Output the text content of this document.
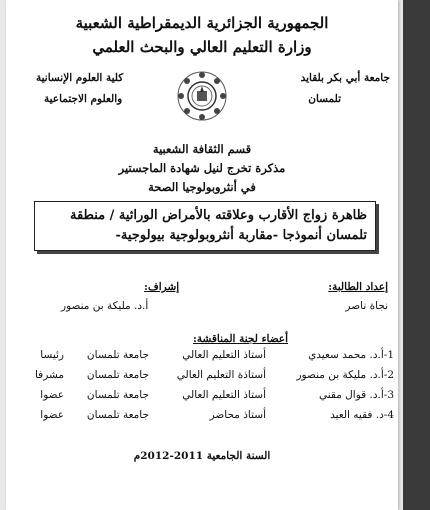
الجمهورية الجزائرية الديمقراطية الشعبية
وزارة التعليم العالي والبحث العلمي
جامعة أبي بكر بلقايد
تلمسان
كلية العلوم الإنسانية
والعلوم الاجتماعية
قسم الثقافة الشعبية
مذكرة تخرج لنيل شهادة الماجستير
في أنثروبولوجيا الصحة
ظاهرة زواج الأقارب وعلاقته بالأمراض الوراثية / منطقة
تلمسان أنموذجا -مقاربة أنثروبولوجية بيولوجية-
إعداد الطالبة:
نجاة ناصر
إشراف:
أ.د. مليكة بن منصور
أعضاء لجنة المناقشة:
1-أ.د. محمد سعيدي
أستاذ التعليم العالي
جامعة تلمسان
رئيسا
2-أ.د. مليكة بن منصور
أستاذة التعليم العالي
جامعة تلمسان
مشرفا
3-أ.د. قوال مقني
أستاذ التعليم العالي
جامعة تلمسان
عضوا
4-د. فقيه العيد
أستاذ محاضر
جامعة تلمسان
عضوا
السنة الجامعية 2011-2012م
